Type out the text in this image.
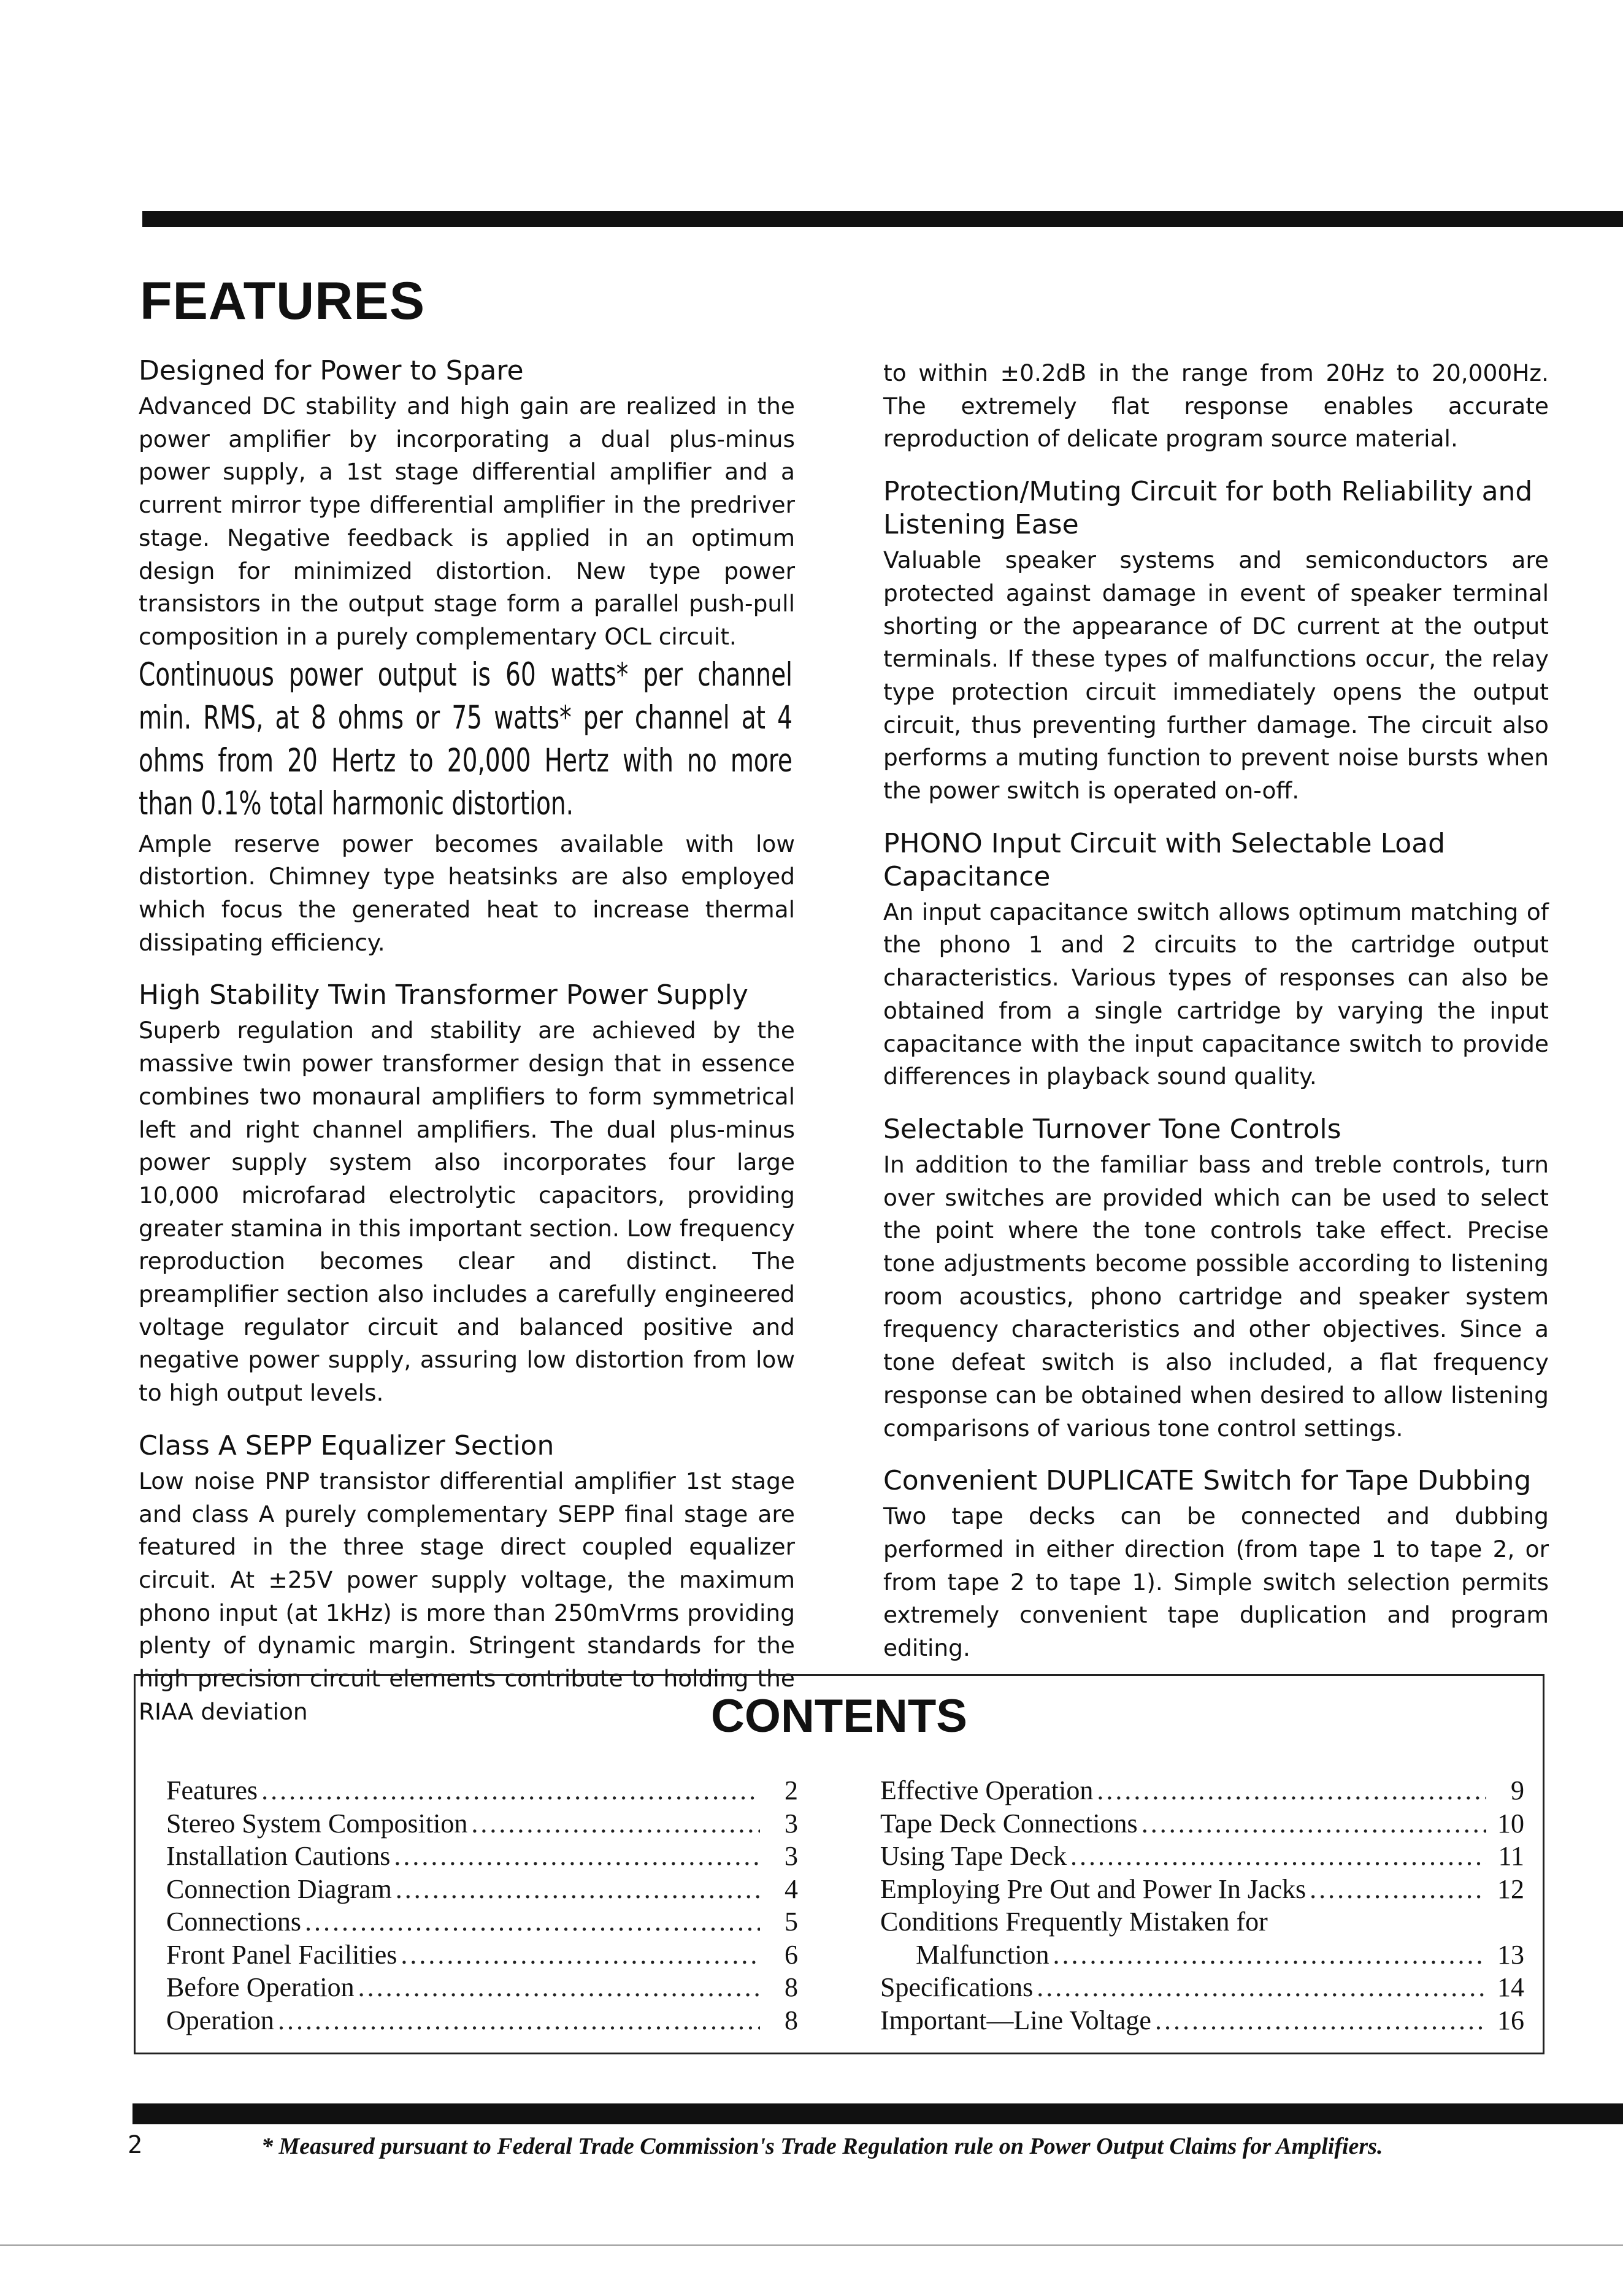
FEATURES
Designed for Power to Spare

Advanced DC stability and high gain are realized in the power amplifier by incorporating a dual plus-minus power supply, a 1st stage differential amplifier and a current mirror type differential amplifier in the predriver stage. Negative feedback is applied in an optimum design for minimized distortion. New type power transistors in the output stage form a parallel push-pull composition in a purely complementary OCL circuit.

Continuous power output is 60 watts* per channel min. RMS, at 8 ohms or 75 watts* per channel at 4 ohms from 20 Hertz to 20,000 Hertz with no more than 0.1% total harmonic distortion.

Ample reserve power becomes available with low distortion. Chimney type heatsinks are also employed which focus the generated heat to increase thermal dissipating efficiency.

High Stability Twin Transformer Power Supply

Superb regulation and stability are achieved by the massive twin power transformer design that in essence combines two monaural amplifiers to form symmetrical left and right channel amplifiers. The dual plus-minus power supply system also incorporates four large 10,000 microfarad electrolytic capacitors, providing greater stamina in this important section. Low frequency reproduction becomes clear and distinct. The preamplifier section also includes a carefully engineered voltage regulator circuit and balanced positive and negative power supply, assuring low distortion from low to high output levels.

Class A SEPP Equalizer Section

Low noise PNP transistor differential amplifier 1st stage and class A purely complementary SEPP final stage are featured in the three stage direct coupled equalizer circuit. At ±25V power supply voltage, the maximum phono input (at 1kHz) is more than 250mVrms providing plenty of dynamic margin. Stringent standards for the high precision circuit elements contribute to holding the RIAA deviation

to within ±0.2dB in the range from 20Hz to 20,000Hz. The extremely flat response enables accurate reproduction of delicate program source material.

Protection/Muting Circuit for both Reliability and Listening Ease

Valuable speaker systems and semiconductors are protected against damage in event of speaker terminal shorting or the appearance of DC current at the output terminals. If these types of malfunctions occur, the relay type protection circuit immediately opens the output circuit, thus preventing further damage. The circuit also performs a muting function to prevent noise bursts when the power switch is operated on-off.

PHONO Input Circuit with Selectable Load Capacitance

An input capacitance switch allows optimum matching of the phono 1 and 2 circuits to the cartridge output characteristics. Various types of responses can also be obtained from a single cartridge by varying the input capacitance with the input capacitance switch to provide differences in playback sound quality.

Selectable Turnover Tone Controls

In addition to the familiar bass and treble controls, turn over switches are provided which can be used to select the point where the tone controls take effect. Precise tone adjustments become possible according to listening room acoustics, phono cartridge and speaker system frequency characteristics and other objectives. Since a tone defeat switch is also included, a flat frequency response can be obtained when desired to allow listening comparisons of various tone control settings.

Convenient DUPLICATE Switch for Tape Dubbing

Two tape decks can be connected and dubbing performed in either direction (from tape 1 to tape 2, or from tape 2 to tape 1). Simple switch selection permits extremely convenient tape duplication and program editing.

CONTENTS
Features .....	2
Stereo System Composition .....	3
Installation Cautions .....	3
Connection Diagram .....	4
Connections .....	5
Front Panel Facilities .....	6
Before Operation .....	8
Operation .....	8
Effective Operation .....	9
Tape Deck Connections .....	10
Using Tape Deck .....	11
Employing Pre Out and Power In Jacks .....	12
Conditions Frequently Mistaken for
Malfunction .....	13
Specifications .....	14
Important—Line Voltage .....	16
2	* Measured pursuant to Federal Trade Commission's Trade Regulation rule on Power Output Claims for Amplifiers.
